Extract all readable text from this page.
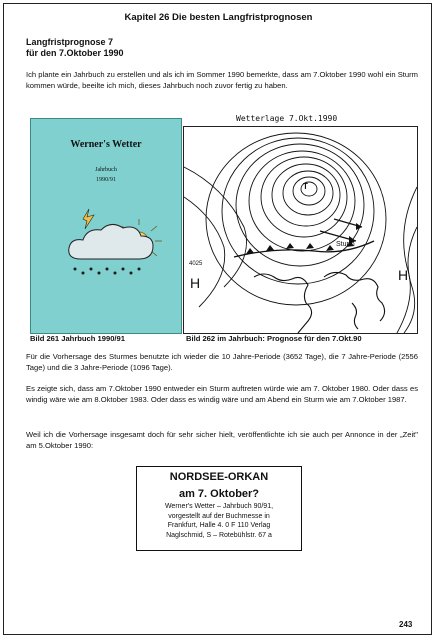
Kapitel 26 Die besten Langfristprognosen
Langfristprognose 7
für den 7.Oktober 1990
Ich plante ein Jahrbuch zu erstellen und als ich im Sommer 1990 bemerkte, dass am 7.Oktober 1990 wohl ein Sturm kommen würde, beeilte ich mich, dieses Jahrbuch noch zuvor fertig zu haben.
Werner's Wetter
Jahrbuch
1990/91
Wetterlage 7.Okt.1990
T
H	H
Sturm
4025
Bild 261 Jahrbuch 1990/91	Bild 262 im Jahrbuch: Prognose für den 7.Okt.90
Für die Vorhersage des Sturmes benutzte ich wieder die 10 Jahre-Periode (3652 Tage), die 7 Jahre-Periode (2556 Tage) und die 3 Jahre-Periode (1096 Tage).
Es zeigte sich, dass am 7.Oktober 1990 entweder ein Sturm auftreten würde wie am 7. Oktober 1980. Oder dass es windig wäre wie am 8.Oktober 1983. Oder dass es windig wäre und am Abend ein Sturm wie am 7.Oktober 1987.
Weil ich die Vorhersage insgesamt doch für sehr sicher hielt, veröffentlichte ich sie auch per Annonce in der „Zeit" am 5.Oktober 1990:
NORDSEE-ORKAN
am 7. Oktober?
Werner's Wetter – Jahrbuch 90/91,
vorgestellt auf der Buchmesse in
Frankfurt, Halle 4. 0 F 110 Verlag
Naglschmid, S – Rotebühlstr. 67 a
243
